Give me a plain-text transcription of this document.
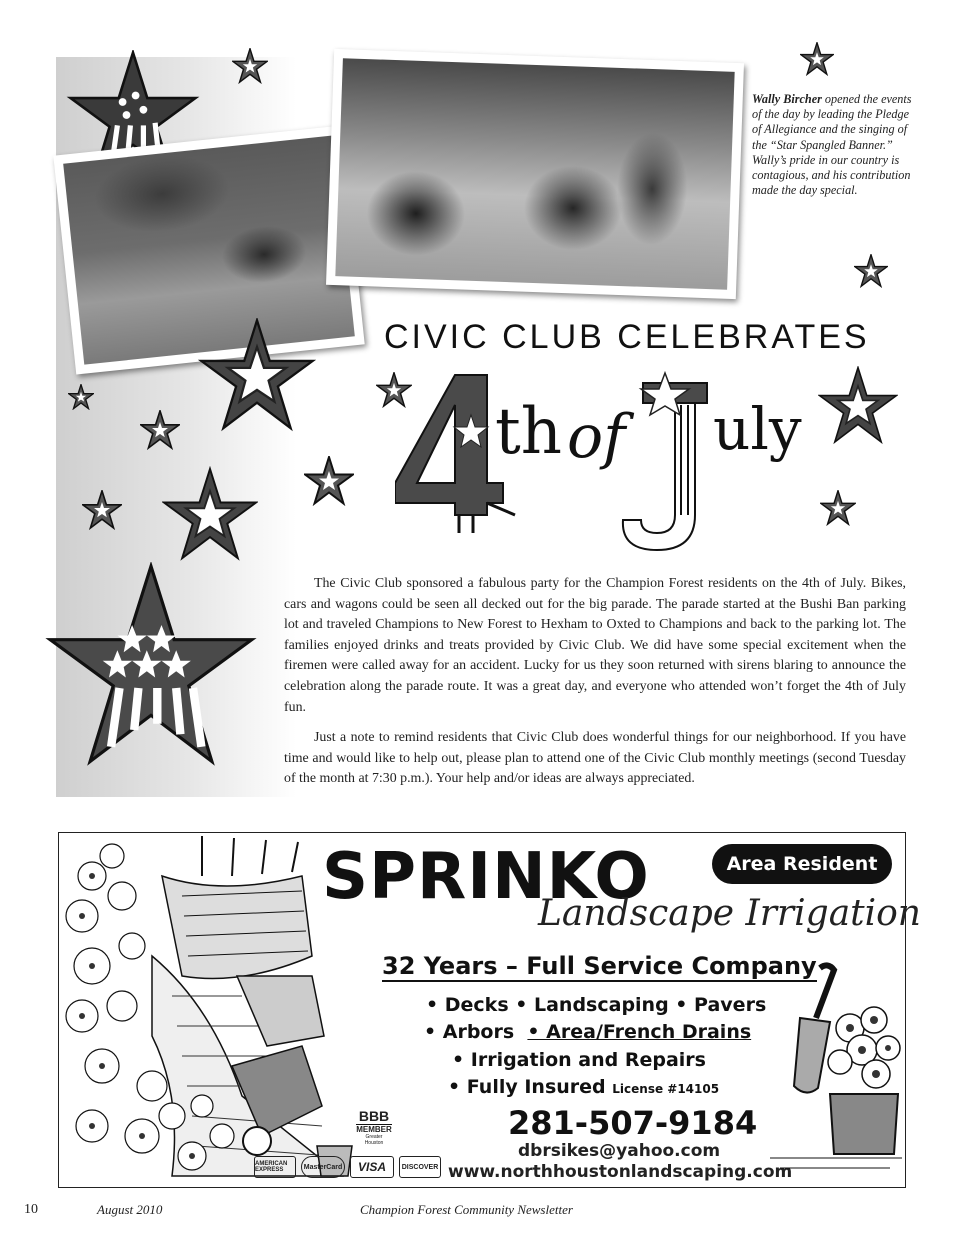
Wally Bircher opened the events of the day by leading the Pledge of Allegiance and the singing of the “Star Spangled Banner.” Wally’s pride in our country is contagious, and his contribution made the day special.
CIVIC CLUB CELEBRATES
th of uly

The Civic Club sponsored a fabulous party for the Champion Forest residents on the 4th of July. Bikes, cars and wagons could be seen all decked out for the big parade. The parade started at the Bushi Ban parking lot and traveled Champions to New Forest to Hexham to Oxted to Champions and back to the parking lot. The families enjoyed drinks and treats provided by Civic Club. We did have some special excitement when the firemen were called away for an accident. Lucky for us they soon returned with sirens blaring to announce the celebration along the parade route. It was a great day, and everyone who attended won’t forget the 4th of July fun.

Just a note to remind residents that Civic Club does wonderful things for our neighborhood. If you have time and would like to help out, please plan to attend one of the Civic Club monthly meetings (second Tuesday of the month at 7:30 p.m.). Your help and/or ideas are always appreciated.

SPRINKO
Landscape Irrigation
Area Resident
32 Years – Full Service Company
• Decks • Landscaping • Pavers
• Arbors • Area/French Drains
• Irrigation and Repairs
• Fully Insured License #14105
281-507-9184
dbrsikes@yahoo.com
www.northhoustonlandscaping.com
BBB
MEMBER
Greater Houston
AMERICAN EXPRESS	MasterCard	VISA	DISCOVER
10	August 2010	Champion Forest Community Newsletter
